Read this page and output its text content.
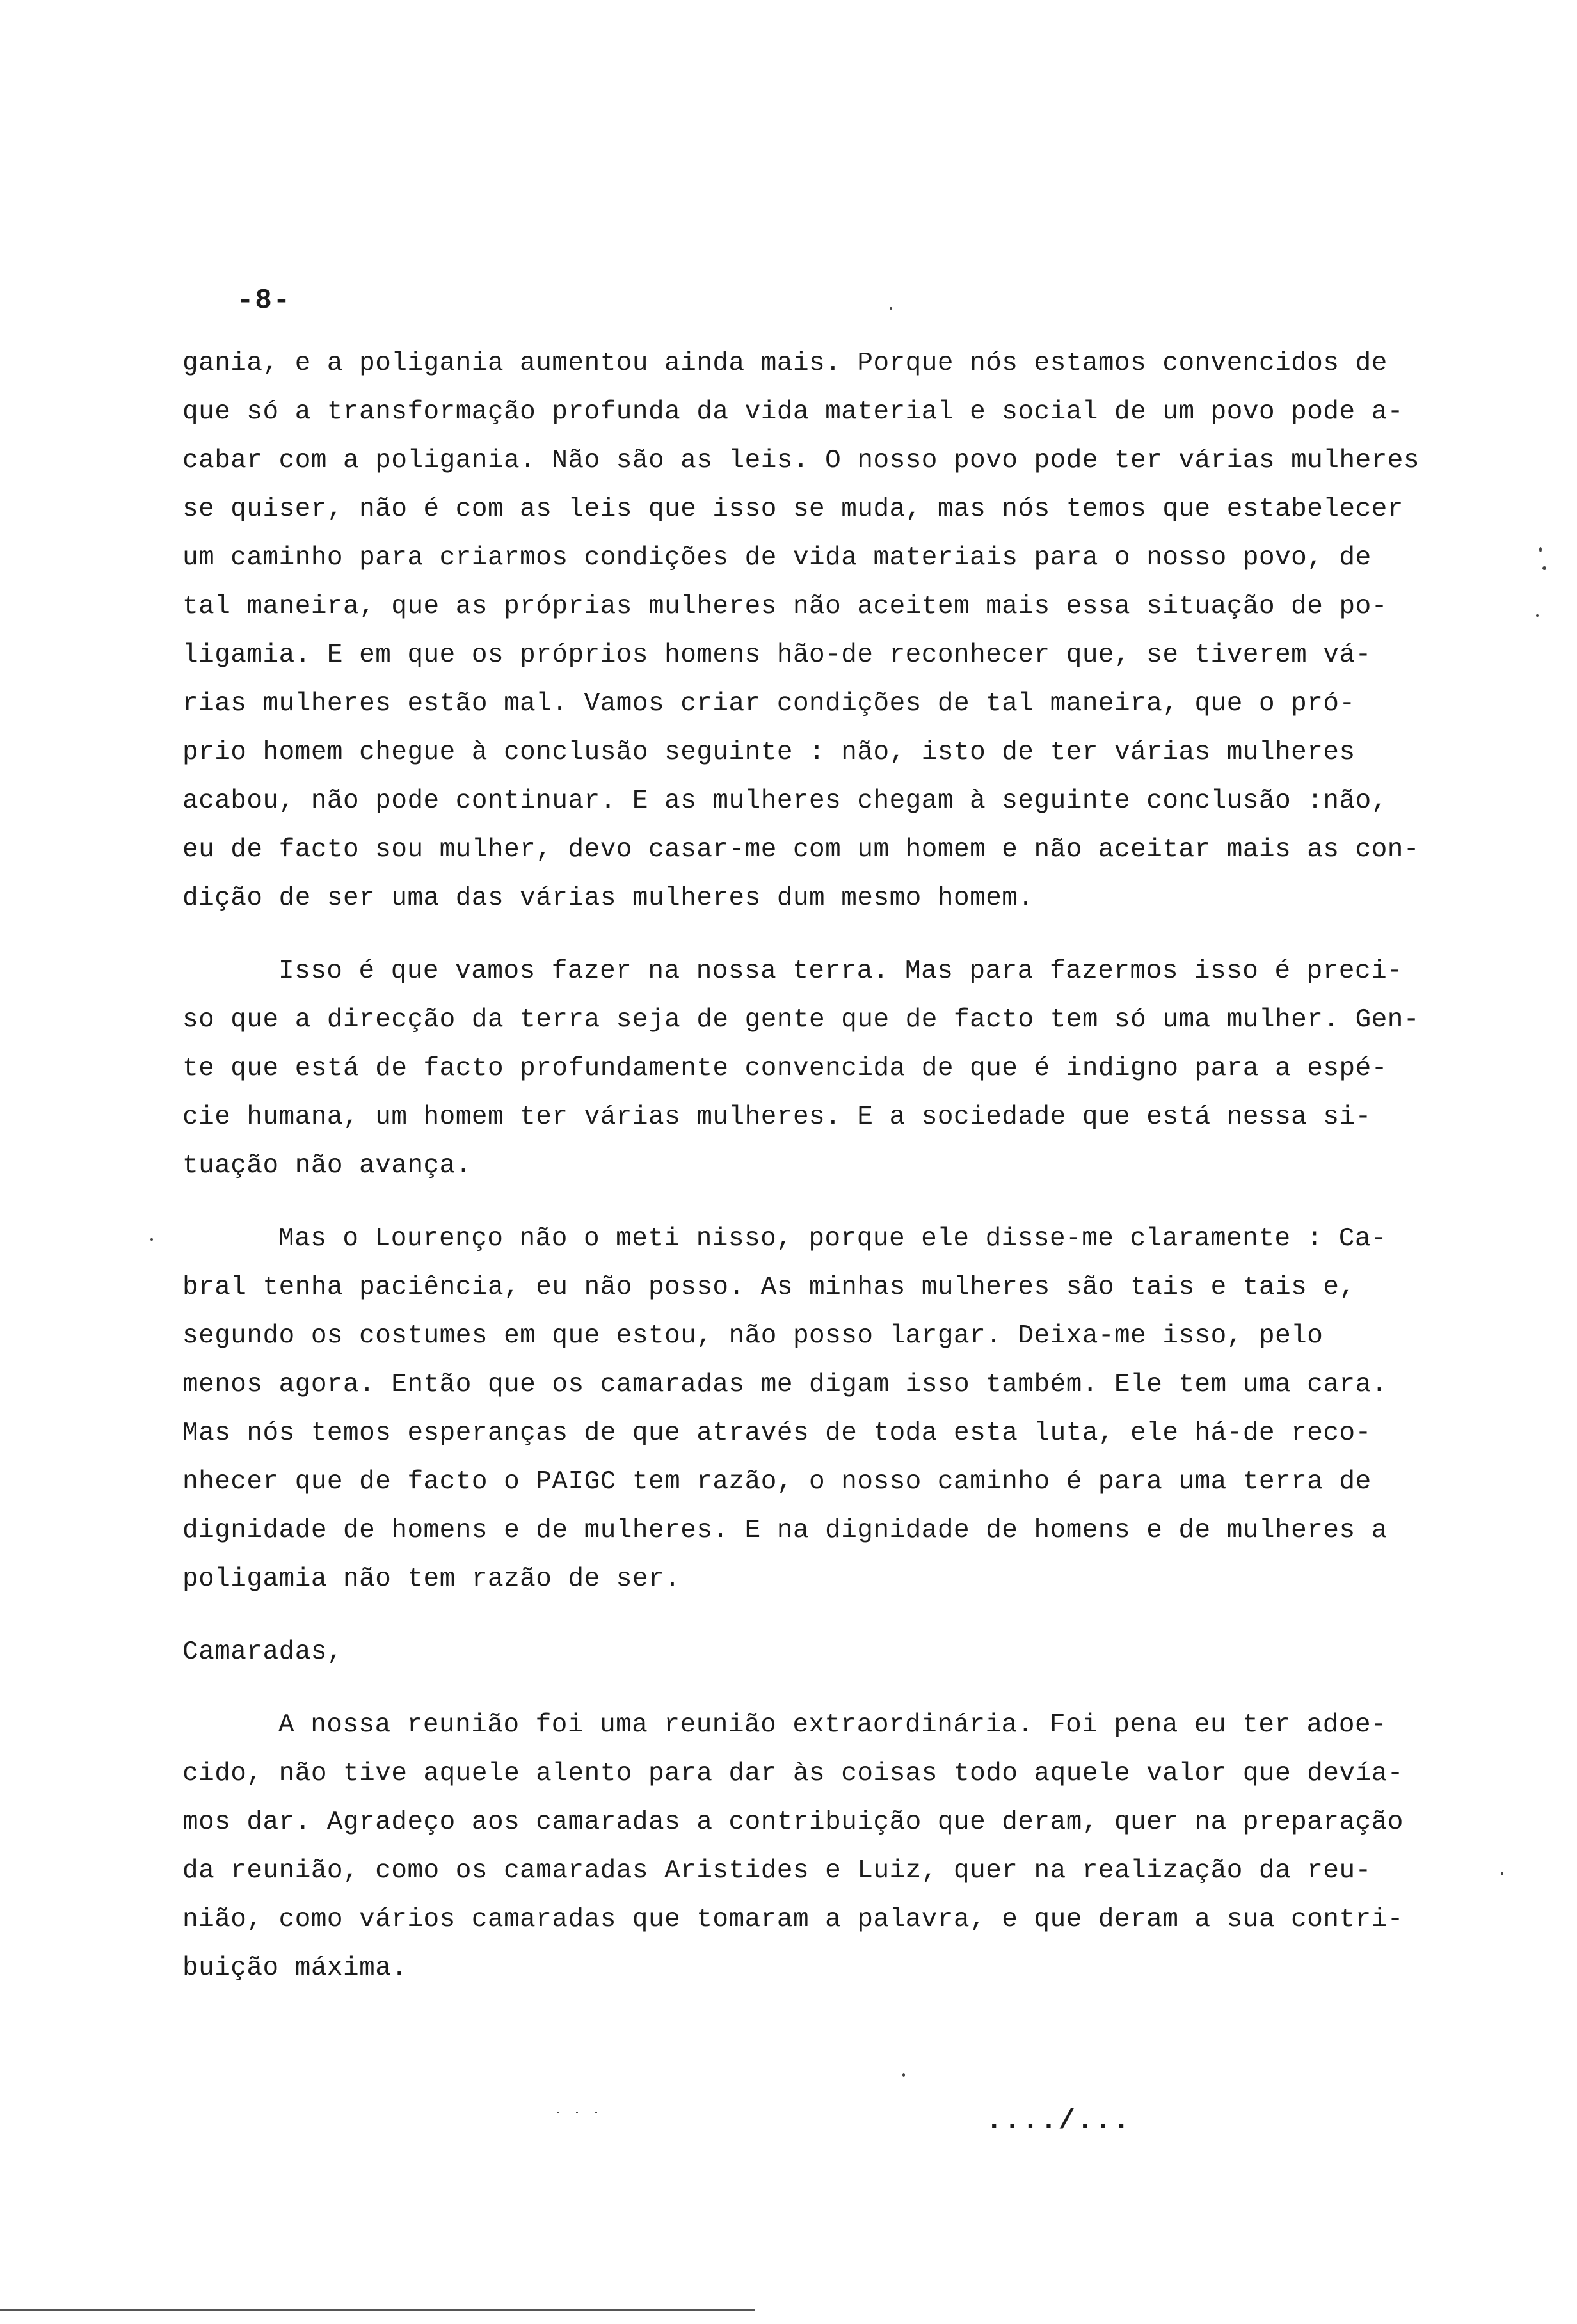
-8-
gania, e a poligania aumentou ainda mais. Porque nós estamos convencidos de
que só a transformação profunda da vida material e social de um povo pode a-
cabar com a poligania. Não são as leis. O nosso povo pode ter várias mulheres
se quiser, não é com as leis que isso se muda, mas nós temos que estabelecer
um caminho para criarmos condições de vida materiais para o nosso povo, de
tal maneira, que as próprias mulheres não aceitem mais essa situação de po-
ligamia. E em que os próprios homens hão-de reconhecer que, se tiverem vá-
rias mulheres estão mal. Vamos criar condições de tal maneira, que o pró-
prio homem chegue à conclusão seguinte : não, isto de ter várias mulheres
acabou, não pode continuar. E as mulheres chegam à seguinte conclusão :não,
eu de facto sou mulher, devo casar-me com um homem e não aceitar mais as con-
dição de ser uma das várias mulheres dum mesmo homem.
Isso é que vamos fazer na nossa terra. Mas para fazermos isso é preci-
so que a direcção da terra seja de gente que de facto tem só uma mulher. Gen-
te que está de facto profundamente convencida de que é indigno para a espé-
cie humana, um homem ter várias mulheres. E a sociedade que está nessa si-
tuação não avança.
Mas o Lourenço não o meti nisso, porque ele disse-me claramente : Ca-
bral tenha paciência, eu não posso. As minhas mulheres são tais e tais e,
segundo os costumes em que estou, não posso largar. Deixa-me isso, pelo
menos agora. Então que os camaradas me digam isso também. Ele tem uma cara.
Mas nós temos esperanças de que através de toda esta luta, ele há-de reco-
nhecer que de facto o PAIGC tem razão, o nosso caminho é para uma terra de
dignidade de homens e de mulheres. E na dignidade de homens e de mulheres a
poligamia não tem razão de ser.
Camaradas,
A nossa reunião foi uma reunião extraordinária. Foi pena eu ter adoe-
cido, não tive aquele alento para dar às coisas todo aquele valor que devía-
mos dar. Agradeço aos camaradas a contribuição que deram, quer na preparação
da reunião, como os camaradas Aristides e Luiz, quer na realização da reu-
nião, como vários camaradas que tomaram a palavra, e que deram a sua contri-
buição máxima.
..../...
